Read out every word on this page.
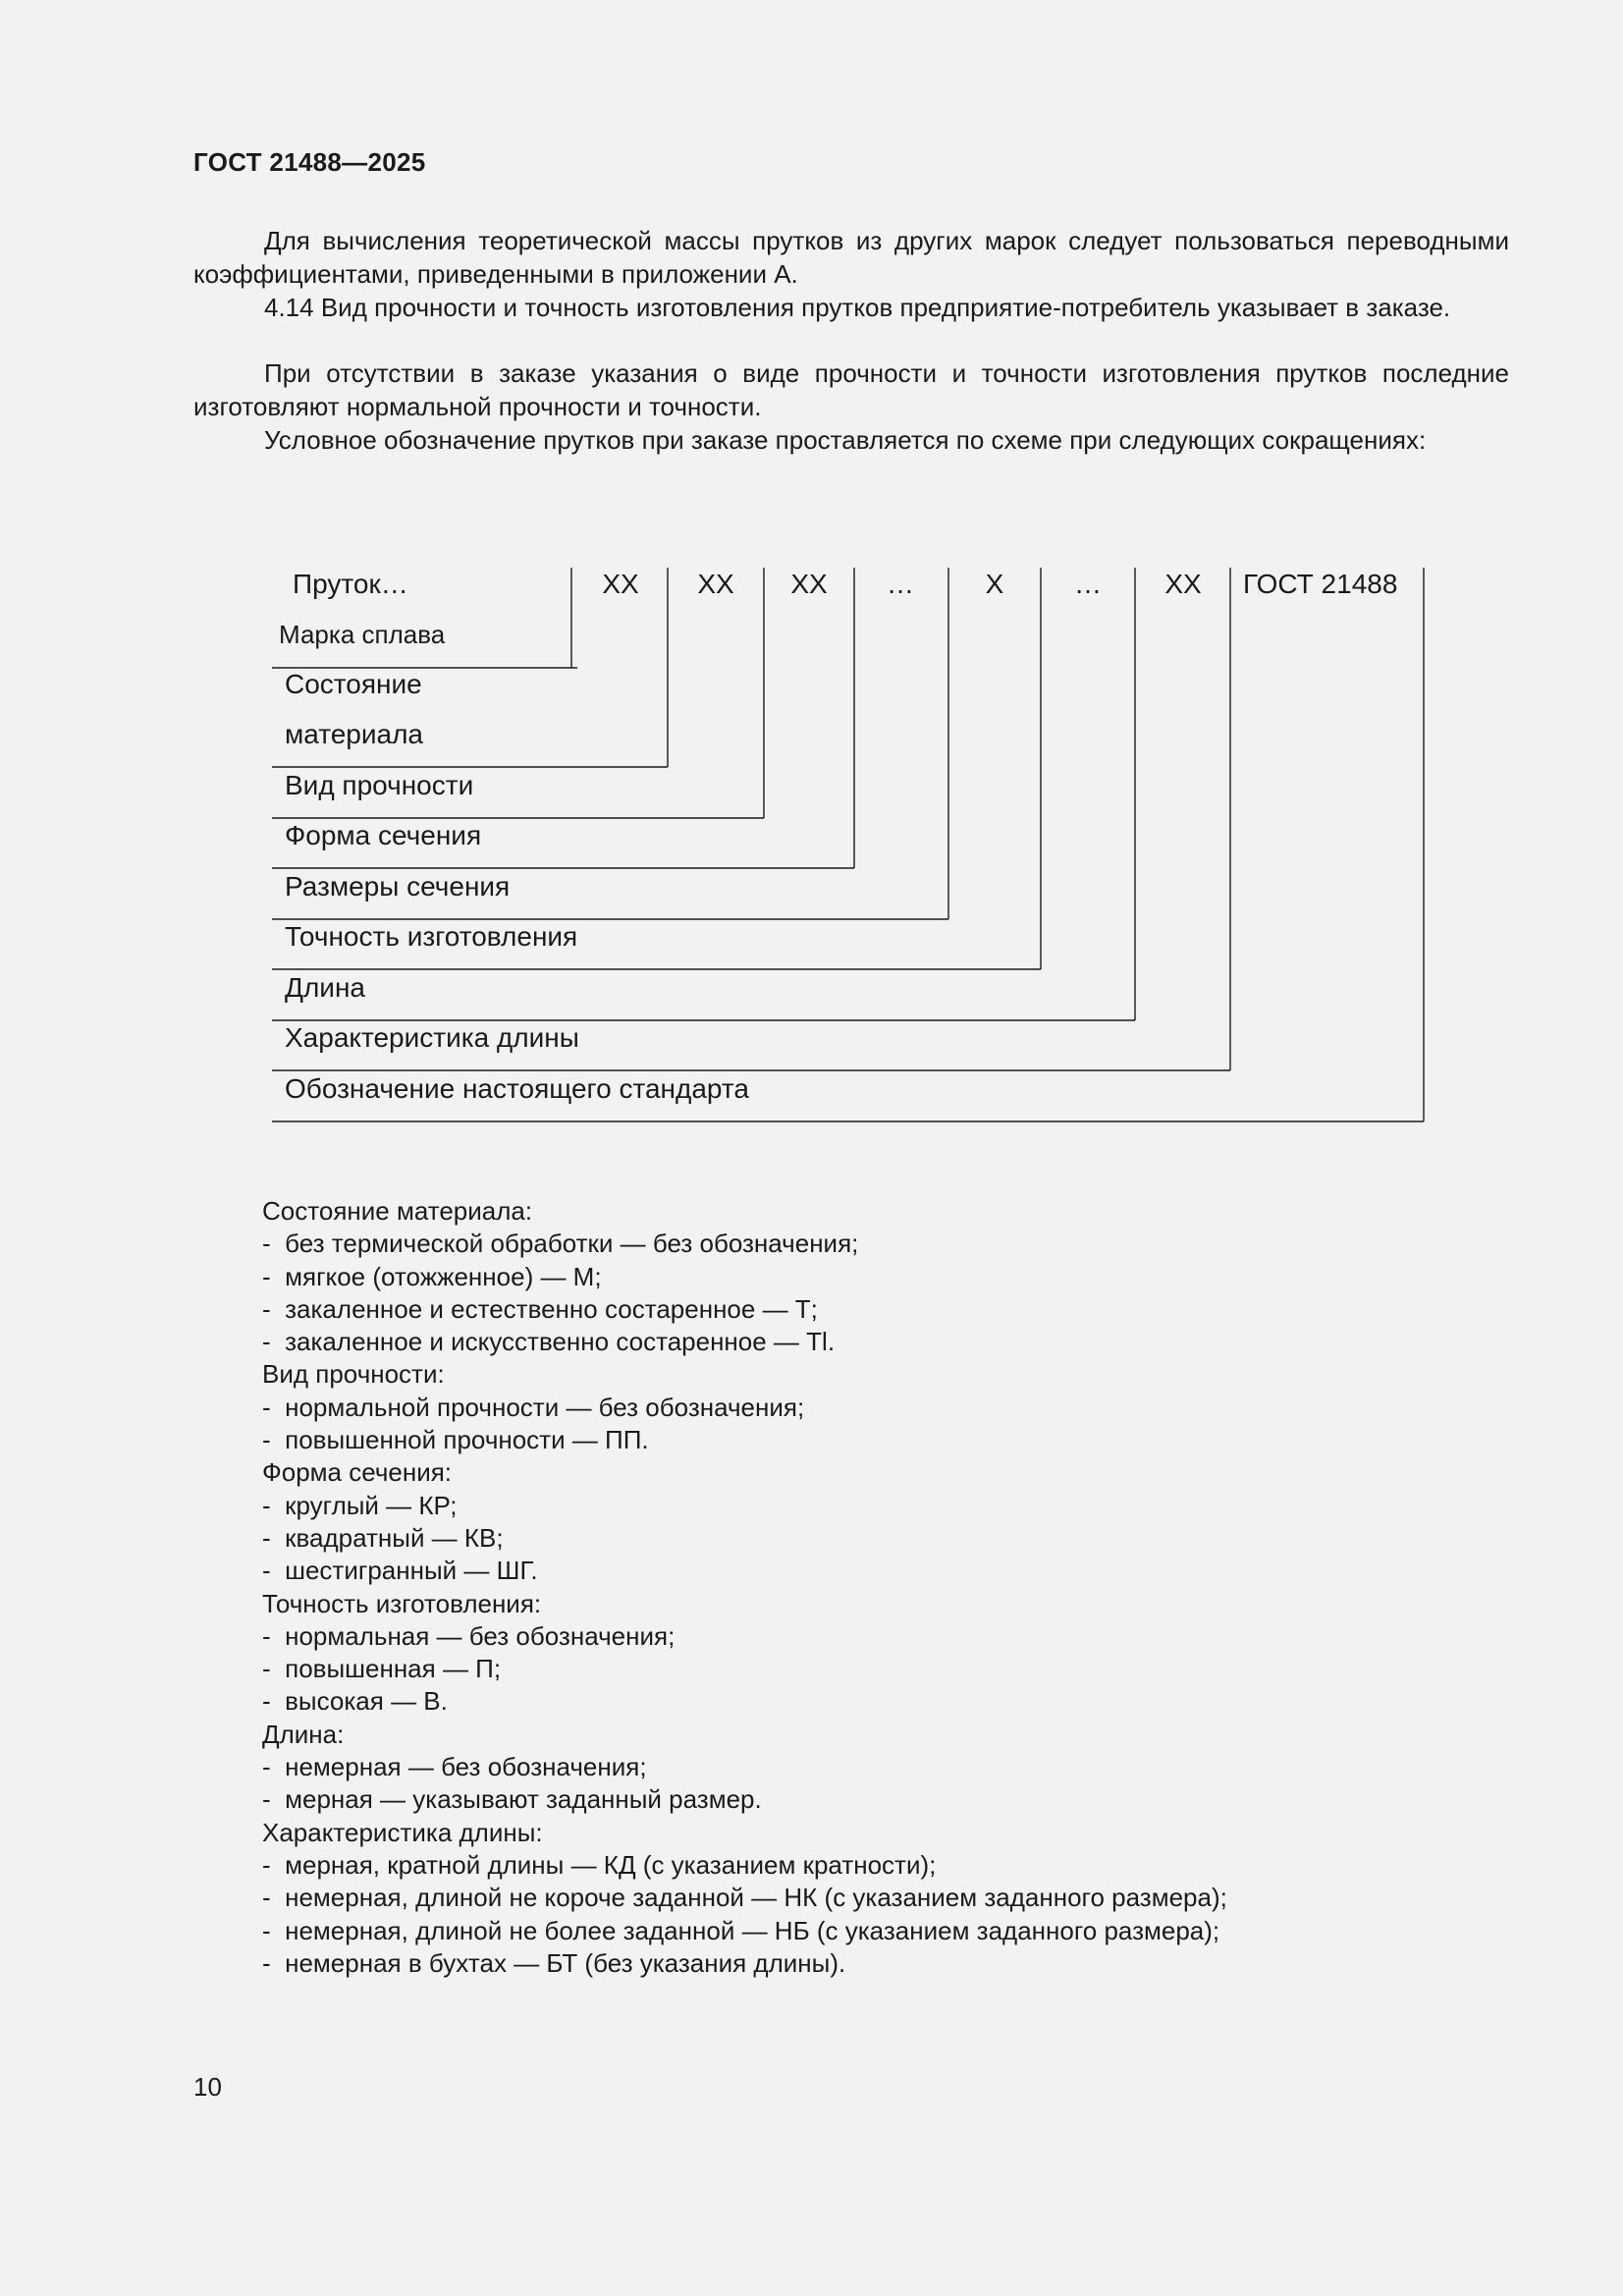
ГОСТ 21488—2025

Для вычисления теоретической массы прутков из других марок следует пользоваться переводными коэффициентами, приведенными в приложении А.

4.14 Вид прочности и точность изготовления прутков предприятие-потребитель указывает в заказе.

При отсутствии в заказе указания о виде прочности и точности изготовления прутков последние изготовляют нормальной прочности и точности.

Условное обозначение прутков при заказе проставляется по схеме при следующих сокращениях:

Пруток…
Марка сплава
XX	XX	XX	…	X	…	XX	ГОСТ 21488
Состояние
материала
Вид прочности
Форма сечения
Размеры сечения
Точность изготовления
Длина
Характеристика длины
Обозначение настоящего стандарта
Состояние материала:
- без термической обработки — без обозначения;
- мягкое (отожженное) — М;
- закаленное и естественно состаренное — Т;
- закаленное и искусственно состаренное — Tl.
Вид прочности:
- нормальной прочности — без обозначения;
- повышенной прочности — ПП.
Форма сечения:
- круглый — КР;
- квадратный — КВ;
- шестигранный — ШГ.
Точность изготовления:
- нормальная — без обозначения;
- повышенная — П;
- высокая — В.
Длина:
- немерная — без обозначения;
- мерная — указывают заданный размер.
Характеристика длины:
- мерная, кратной длины — КД (с указанием кратности);
- немерная, длиной не короче заданной — НК (с указанием заданного размера);
- немерная, длиной не более заданной — НБ (с указанием заданного размера);
- немерная в бухтах — БТ (без указания длины).
10
